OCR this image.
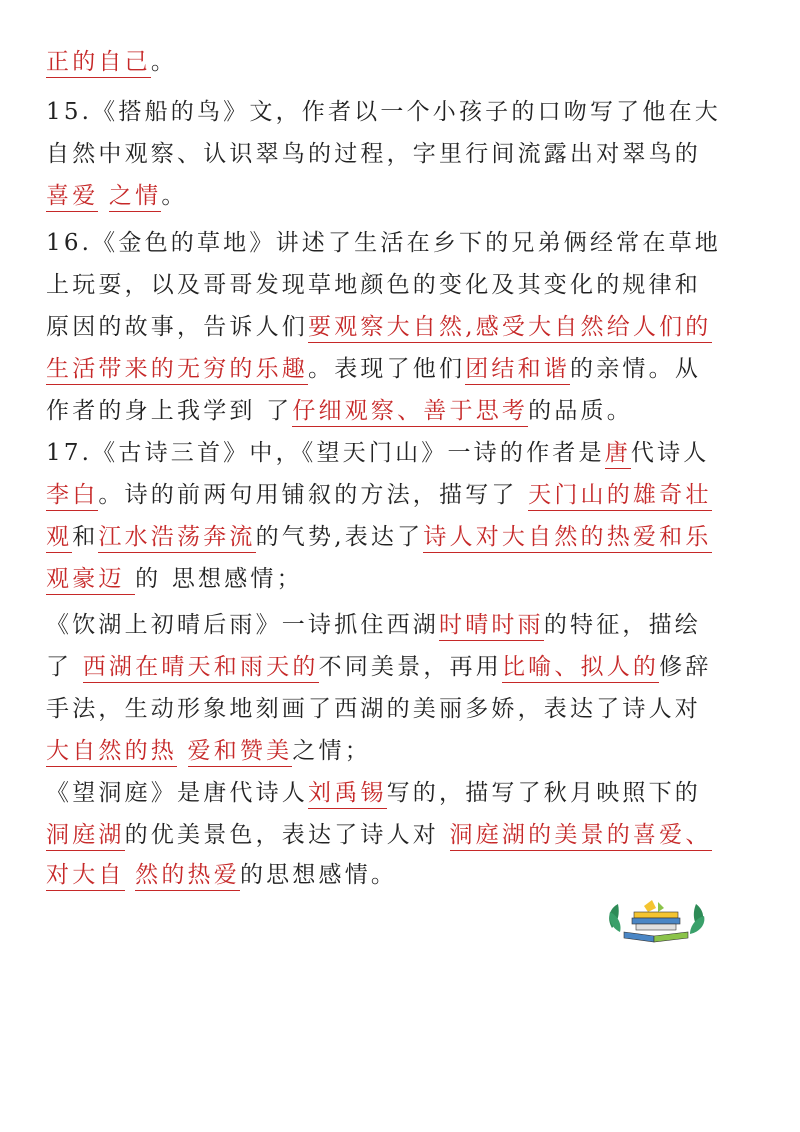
正的自己。
15.《搭船的鸟》文，作者以一个小孩子的口吻写了他在大
自然中观察、认识翠鸟的过程，字里行间流露出对翠鸟的
喜爱 之情。
16.《金色的草地》讲述了生活在乡下的兄弟俩经常在草地
上玩耍，以及哥哥发现草地颜色的变化及其变化的规律和
原因的故事，告诉人们要观察大自然,感受大自然给人们的
生活带来的无穷的乐趣。表现了他们团结和谐的亲情。从
作者的身上我学到 了仔细观察、善于思考的品质。
17.《古诗三首》中，《望天门山》一诗的作者是唐代诗人
李白。诗的前两句用铺叙的方法，描写了 天门山的雄奇壮
观和江水浩荡奔流的气势,表达了诗人对大自然的热爱和乐
观豪迈 的 思想感情；
《饮湖上初晴后雨》一诗抓住西湖时晴时雨的特征，描绘
了 西湖在晴天和雨天的不同美景，再用比喻、拟人的修辞
手法，生动形象地刻画了西湖的美丽多娇，表达了诗人对
大自然的热 爱和赞美之情；
《望洞庭》是唐代诗人刘禹锡写的，描写了秋月映照下的
洞庭湖的优美景色，表达了诗人对 洞庭湖的美景的喜爱、
对大自 然的热爱的思想感情。
